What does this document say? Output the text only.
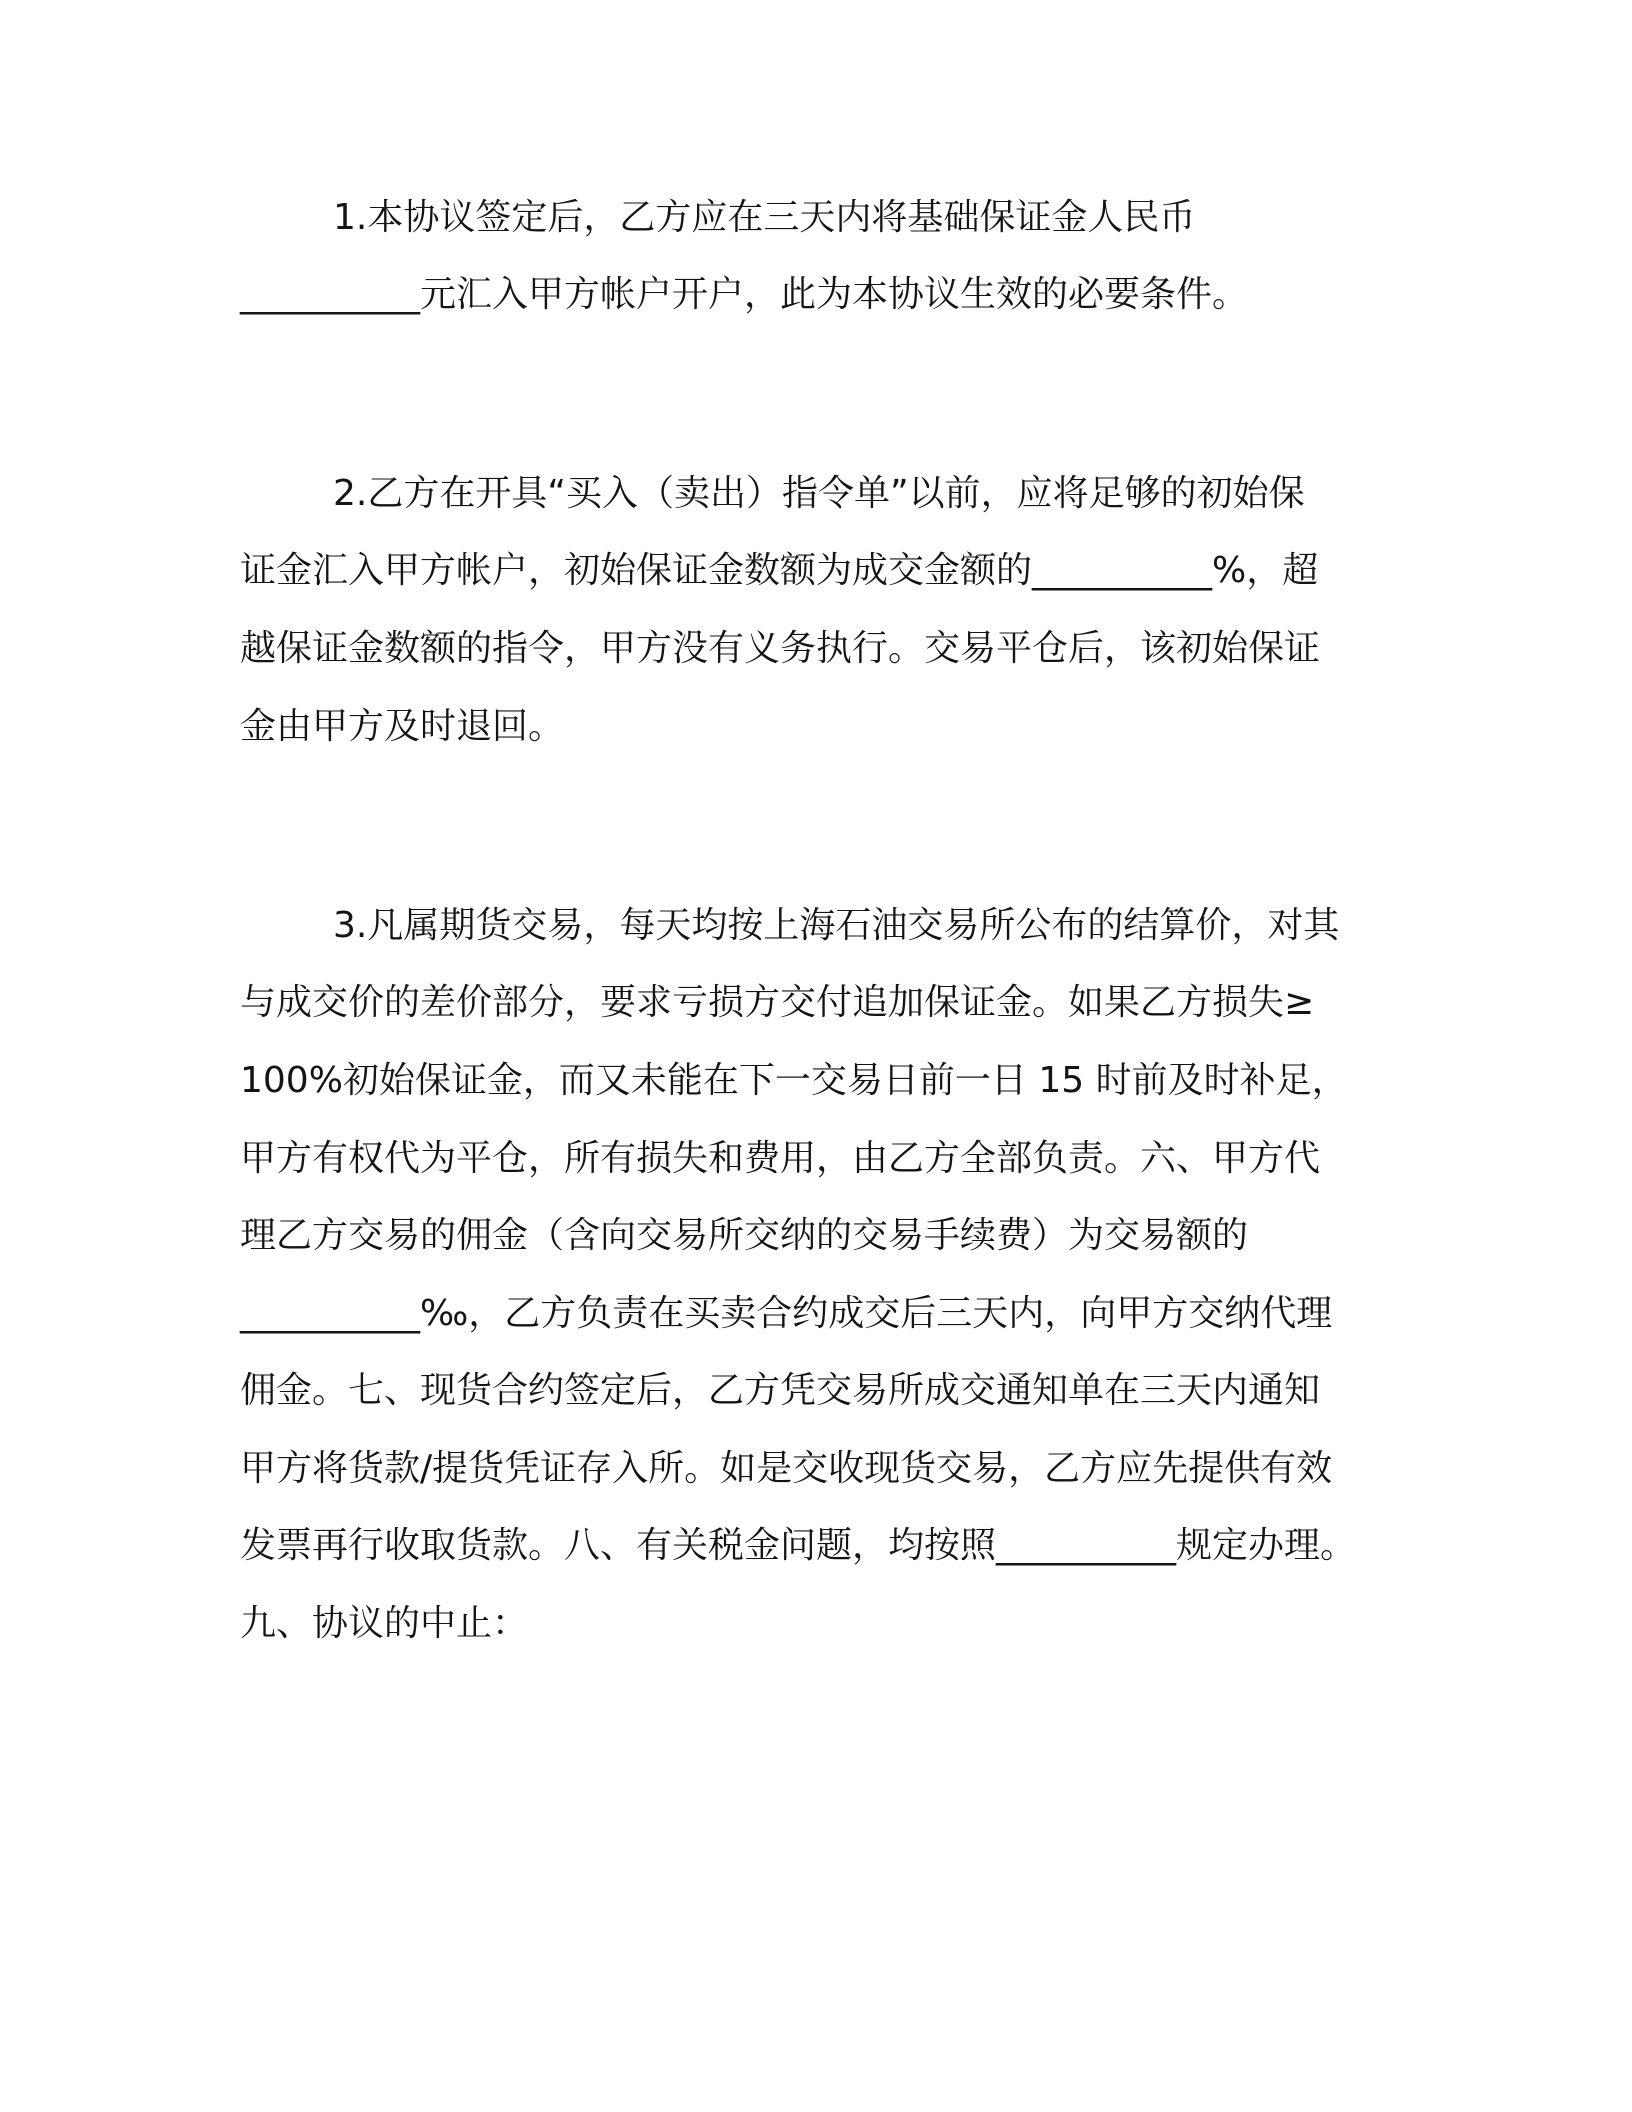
1.本协议签定后，乙方应在三天内将基础保证金人民币
__________元汇入甲方帐户开户，此为本协议生效的必要条件。
2.乙方在开具“买入（卖出）指令单”以前，应将足够的初始保
证金汇入甲方帐户，初始保证金数额为成交金额的__________%，超
越保证金数额的指令，甲方没有义务执行。交易平仓后，该初始保证
金由甲方及时退回。
3.凡属期货交易，每天均按上海石油交易所公布的结算价，对其
与成交价的差价部分，要求亏损方交付追加保证金。如果乙方损失≥
100%初始保证金，而又未能在下一交易日前一日 15 时前及时补足，
甲方有权代为平仓，所有损失和费用，由乙方全部负责。六、甲方代
理乙方交易的佣金（含向交易所交纳的交易手续费）为交易额的
__________‰，乙方负责在买卖合约成交后三天内，向甲方交纳代理
佣金。七、现货合约签定后，乙方凭交易所成交通知单在三天内通知
甲方将货款/提货凭证存入所。如是交收现货交易，乙方应先提供有效
发票再行收取货款。八、有关税金问题，均按照__________规定办理。
九、协议的中止：
